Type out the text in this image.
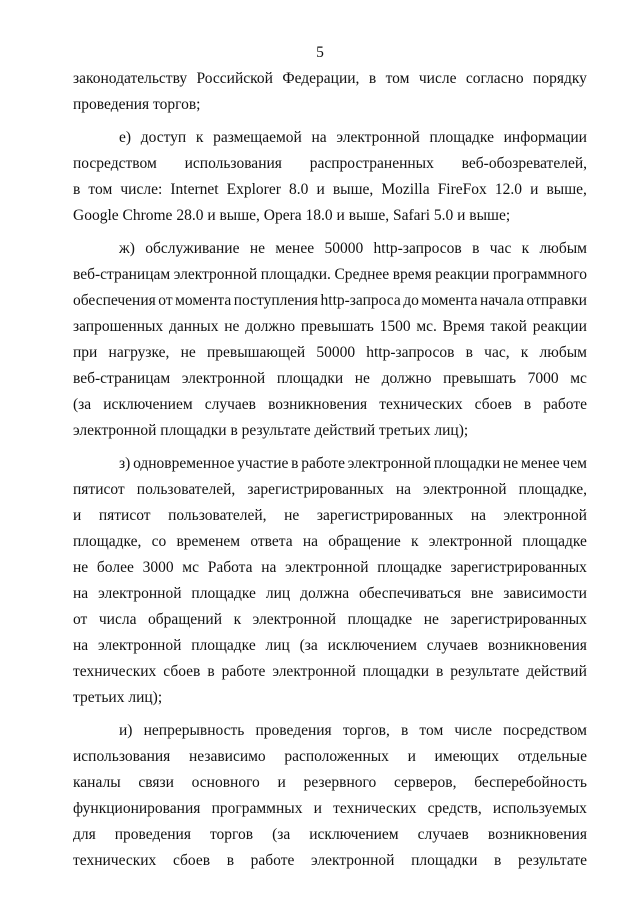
5
законодательству Российской Федерации, в том числе согласно порядку
проведения торгов;
е) доступ к размещаемой на электронной площадке информации
посредством использования распространенных веб-обозревателей,
в том числе: Internet Explorer 8.0 и выше, Mozilla FireFox 12.0 и выше,
Google Chrome 28.0 и выше, Opera 18.0 и выше, Safari 5.0 и выше;
ж) обслуживание не менее 50000 http-запросов в час к любым
веб-страницам электронной площадки. Среднее время реакции программного
обеспечения от момента поступления http-запроса до момента начала отправки
запрошенных данных не должно превышать 1500 мс. Время такой реакции
при нагрузке, не превышающей 50000 http-запросов в час, к любым
веб-страницам электронной площадки не должно превышать 7000 мс
(за исключением случаев возникновения технических сбоев в работе
электронной площадки в результате действий третьих лиц);
з) одновременное участие в работе электронной площадки не менее чем
пятисот пользователей, зарегистрированных на электронной площадке,
и пятисот пользователей, не зарегистрированных на электронной
площадке, со временем ответа на обращение к электронной площадке
не более 3000 мс Работа на электронной площадке зарегистрированных
на электронной площадке лиц должна обеспечиваться вне зависимости
от числа обращений к электронной площадке не зарегистрированных
на электронной площадке лиц (за исключением случаев возникновения
технических сбоев в работе электронной площадки в результате действий
третьих лиц);
и) непрерывность проведения торгов, в том числе посредством
использования независимо расположенных и имеющих отдельные
каналы связи основного и резервного серверов, бесперебойность
функционирования программных и технических средств, используемых
для проведения торгов (за исключением случаев возникновения
технических сбоев в работе электронной площадки в результате
